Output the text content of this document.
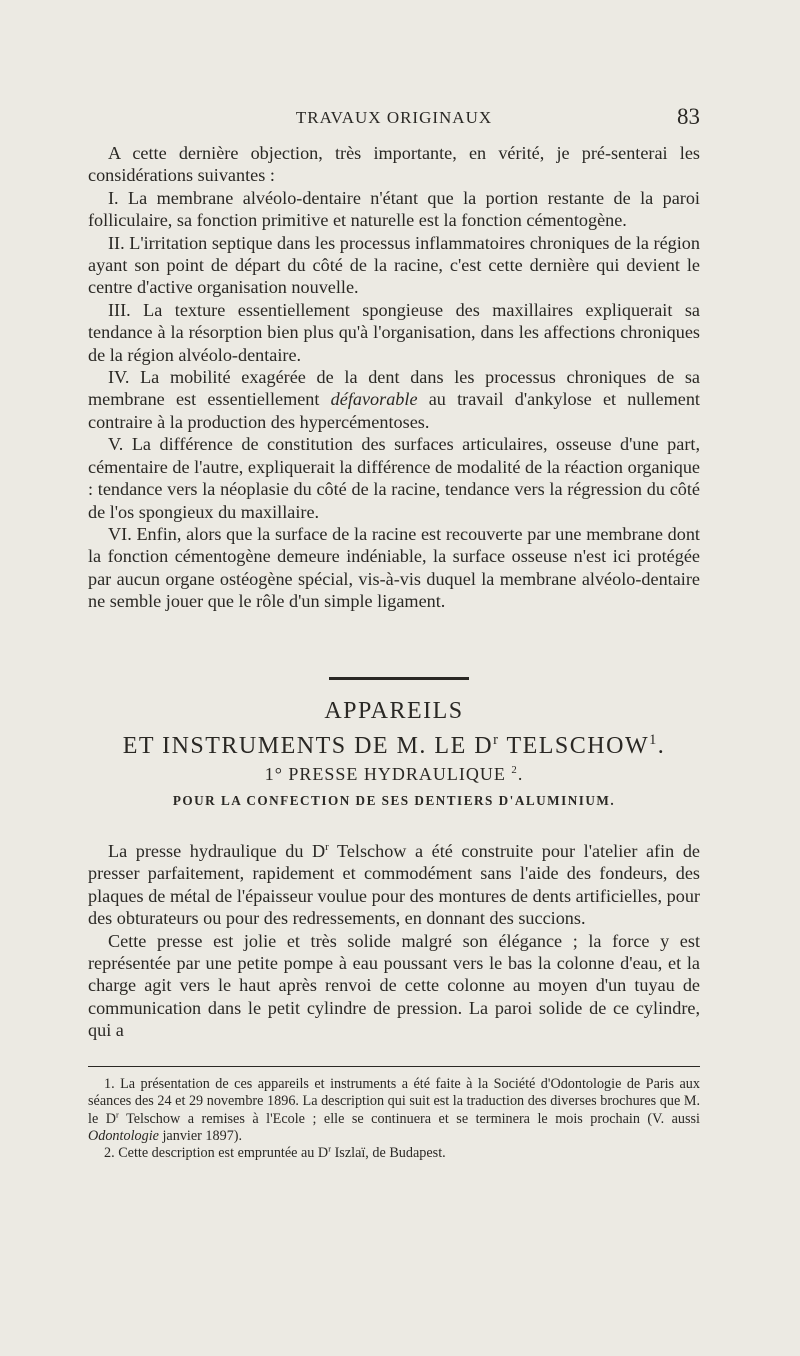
TRAVAUX ORIGINAUX	83

A cette dernière objection, très importante, en vérité, je pré-senterai les considérations suivantes :

I. La membrane alvéolo-dentaire n'étant que la portion restante de la paroi folliculaire, sa fonction primitive et naturelle est la fonction cémentogène.

II. L'irritation septique dans les processus inflammatoires chroniques de la région ayant son point de départ du côté de la racine, c'est cette dernière qui devient le centre d'active organisation nouvelle.

III. La texture essentiellement spongieuse des maxillaires expliquerait sa tendance à la résorption bien plus qu'à l'organisation, dans les affections chroniques de la région alvéolo-dentaire.

IV. La mobilité exagérée de la dent dans les processus chroniques de sa membrane est essentiellement défavorable au travail d'ankylose et nullement contraire à la production des hypercémentoses.

V. La différence de constitution des surfaces articulaires, osseuse d'une part, cémentaire de l'autre, expliquerait la différence de modalité de la réaction organique : tendance vers la néoplasie du côté de la racine, tendance vers la régression du côté de l'os spongieux du maxillaire.

VI. Enfin, alors que la surface de la racine est recouverte par une membrane dont la fonction cémentogène demeure indéniable, la surface osseuse n'est ici protégée par aucun organe ostéogène spécial, vis-à-vis duquel la membrane alvéolo-dentaire ne semble jouer que le rôle d'un simple ligament.

APPAREILS
ET INSTRUMENTS DE M. LE $D^r$ TELSCHOW$^1$.
1° PRESSE HYDRAULIQUE $^2$.
POUR LA CONFECTION DE SES DENTIERS D'ALUMINIUM.

La presse hydraulique du $D^r$ Telschow a été construite pour l'atelier afin de presser parfaitement, rapidement et commodément sans l'aide des fondeurs, des plaques de métal de l'épaisseur voulue pour des montures de dents artificielles, pour des obturateurs ou pour des redressements, en donnant des succions.

Cette presse est jolie et très solide malgré son élégance ; la force y est représentée par une petite pompe à eau poussant vers le bas la colonne d'eau, et la charge agit vers le haut après renvoi de cette colonne au moyen d'un tuyau de communication dans le petit cylindre de pression. La paroi solide de ce cylindre, qui a

1. La présentation de ces appareils et instruments a été faite à la Société d'Odontologie de Paris aux séances des 24 et 29 novembre 1896. La description qui suit est la traduction des diverses brochures que M. le $D^r$ Telschow a remises à l'Ecole ; elle se continuera et se terminera le mois prochain (V. aussi Odontologie janvier 1897).

2. Cette description est empruntée au $D^r$ Iszlaï, de Budapest.
